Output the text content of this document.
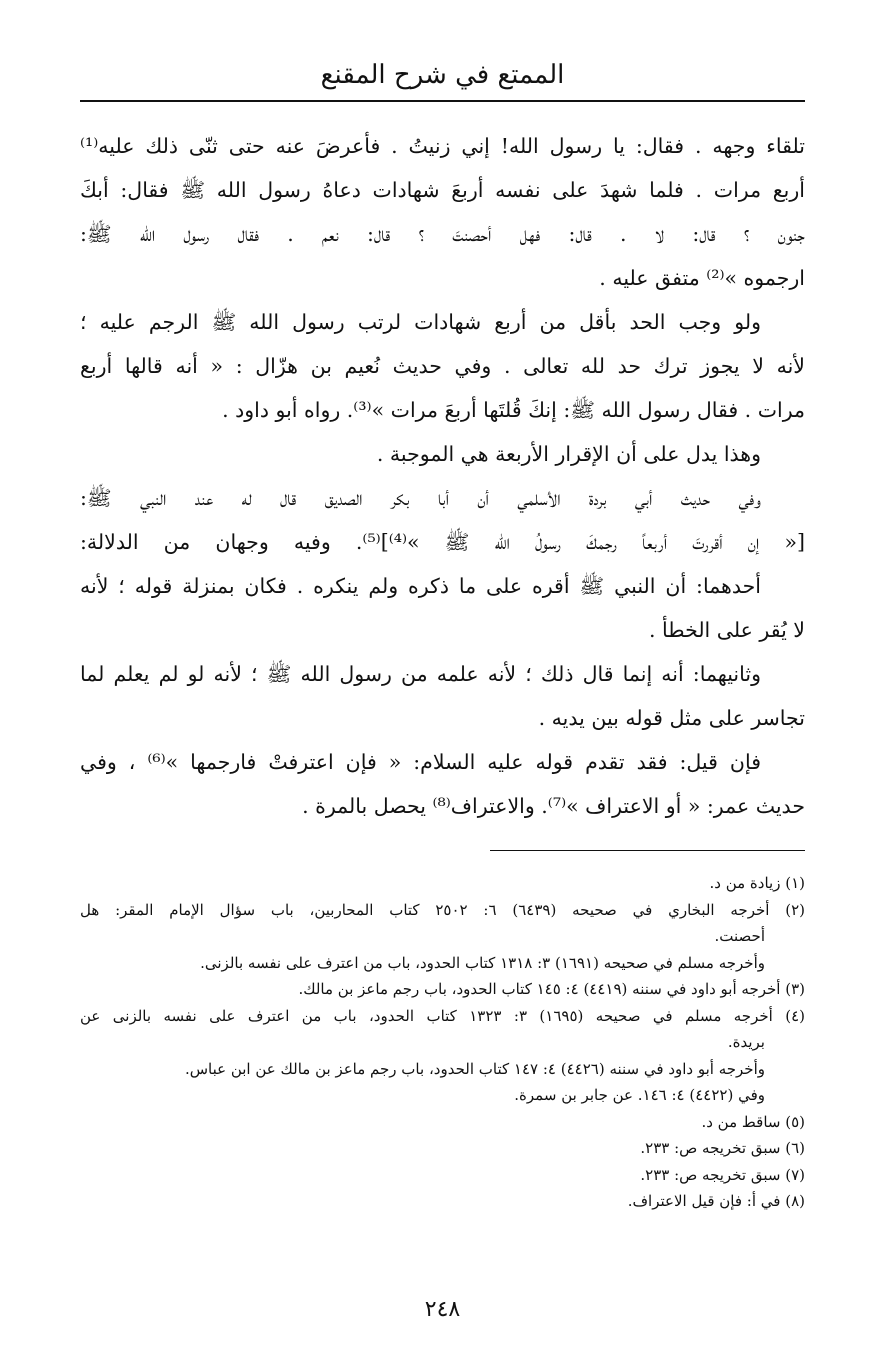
الممتع في شرح المقنع
تلقاء وجهه . فقال: يا رسول الله! إني زنيتُ . فأعرضَ عنه حتى ثنّى ذلك عليه⁽¹⁾
أربع مرات . فلما شهدَ على نفسه أربعَ شهادات دعاهُ رسول الله ﷺ فقال: أبكَ
جنون ؟ قال: لا . قال: فهل أحصنتَ ؟ قال: نعم . فقال رسول الله ﷺ:
ارجموه »⁽²⁾ متفق عليه .
ولو وجب الحد بأقل من أربع شهادات لرتب رسول الله ﷺ الرجم عليه ؛
لأنه لا يجوز ترك حد لله تعالى . وفي حديث نُعيم بن هزّال : « أنه قالها أربع
مرات . فقال رسول الله ﷺ: إنكَ قُلتَها أربعَ مرات »⁽³⁾. رواه أبو داود .
وهذا يدل على أن الإقرار الأربعة هي الموجبة .
وفي حديث أبي بردة الأسلمي أن أبا بكر الصديق قال له عند النبي ﷺ:
[« إن أقررتَ أربعاً رجمكَ رسولُ الله ﷺ »⁽⁴⁾]⁽⁵⁾. وفيه وجهان من الدلالة:
أحدهما: أن النبي ﷺ أقره على ما ذكره ولم ينكره . فكان بمنزلة قوله ؛ لأنه
لا يُقر على الخطأ .
وثانيهما: أنه إنما قال ذلك ؛ لأنه علمه من رسول الله ﷺ ؛ لأنه لو لم يعلم لما
تجاسر على مثل قوله بين يديه .
فإن قيل: فقد تقدم قوله عليه السلام: « فإن اعترفتْ فارجمها »⁽⁶⁾ ، وفي
حديث عمر: « أو الاعتراف »⁽⁷⁾. والاعتراف⁽⁸⁾ يحصل بالمرة .
(١) زيادة من د.
(٢) أخرجه البخاري في صحيحه (٦٤٣٩) ٦: ٢٥٠٢ كتاب المحاربين، باب سؤال الإمام المقر: هل
أحصنت.
وأخرجه مسلم في صحيحه (١٦٩١) ٣: ١٣١٨ كتاب الحدود، باب من اعترف على نفسه بالزنى.
(٣) أخرجه أبو داود في سننه (٤٤١٩) ٤: ١٤٥ كتاب الحدود، باب رجم ماعز بن مالك.
(٤) أخرجه مسلم في صحيحه (١٦٩٥) ٣: ١٣٢٣ كتاب الحدود، باب من اعترف على نفسه بالزنى عن
بريدة.
وأخرجه أبو داود في سننه (٤٤٢٦) ٤: ١٤٧ كتاب الحدود، باب رجم ماعز بن مالك عن ابن عباس.
وفي (٤٤٢٢) ٤: ١٤٦. عن جابر بن سمرة.
(٥) ساقط من د.
(٦) سبق تخريجه ص: ٢٣٣.
(٧) سبق تخريجه ص: ٢٣٣.
(٨) في أ: فإن قيل الاعتراف.
٢٤٨
